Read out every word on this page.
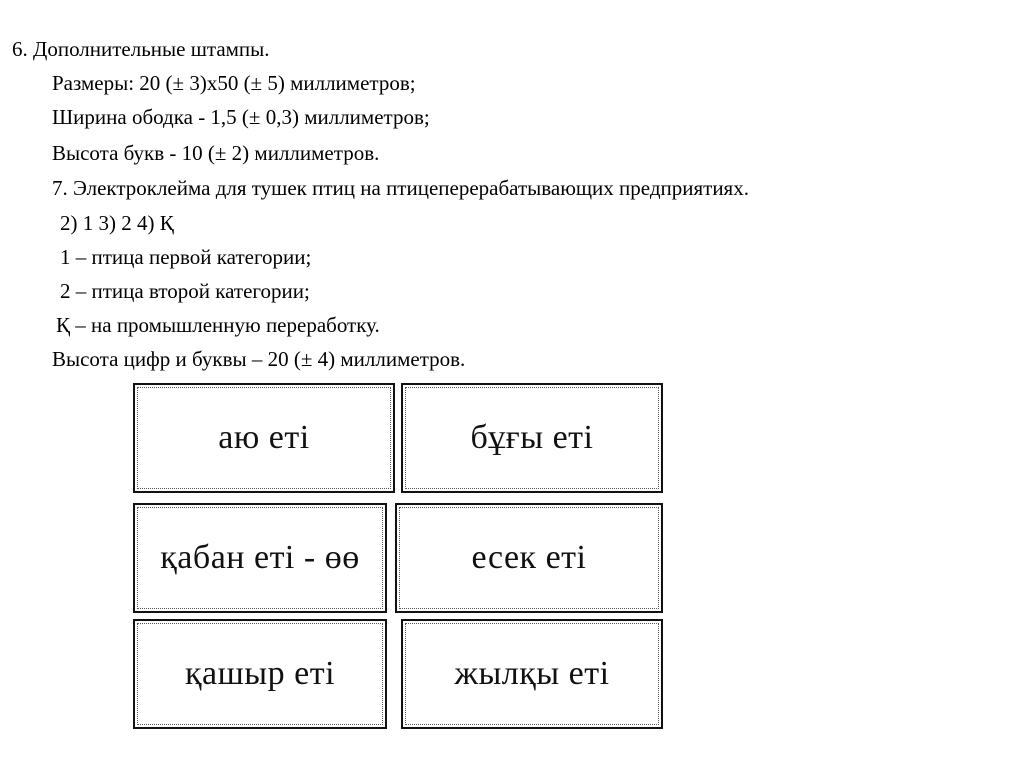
6. Дополнительные штампы.
Размеры: 20 (± 3)х50 (± 5) миллиметров;
Ширина ободка - 1,5 (± 0,3) миллиметров;
Высота букв - 10 (± 2) миллиметров.
7. Электроклейма для тушек птиц на птицеперерабатывающих предприятиях.
2) 1 3) 2 4) Қ
1 – птица первой категории;
2 – птица второй категории;
Қ – на промышленную переработку.
Высота цифр и буквы – 20 (± 4) миллиметров.
аю еті	бұғы еті
қабан еті - өө	есек еті
қашыр еті	жылқы еті
